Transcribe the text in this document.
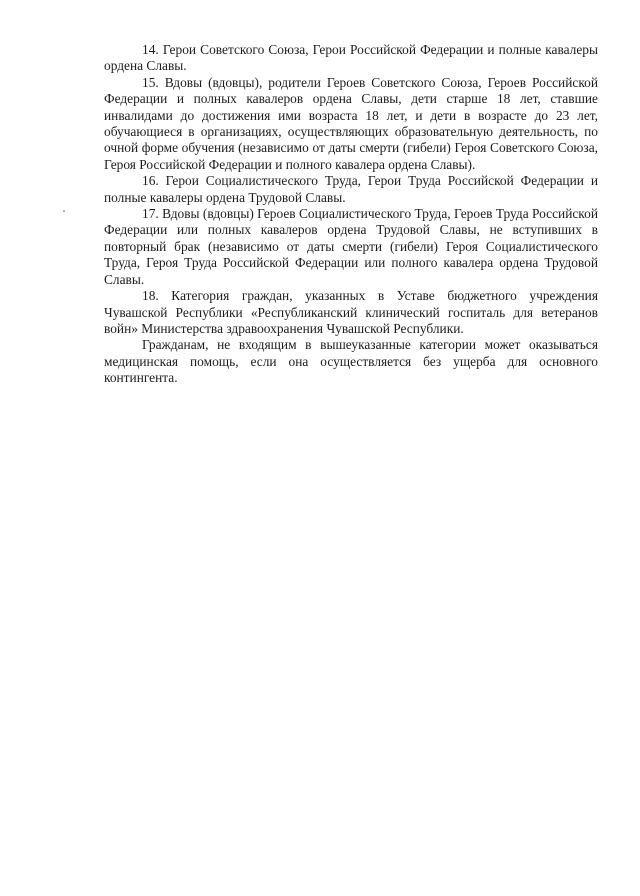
14. Герои Советского Союза, Герои Российской Федерации и полные кавалеры ордена Славы.

15. Вдовы (вдовцы), родители Героев Советского Союза, Героев Российской Федерации и полных кавалеров ордена Славы, дети старше 18 лет, ставшие инвалидами до достижения ими возраста 18 лет, и дети в возрасте до 23 лет, обучающиеся в организациях, осуществляющих образовательную деятельность, по очной форме обучения (независимо от даты смерти (гибели) Героя Советского Союза, Героя Российской Федерации и полного кавалера ордена Славы).

16. Герои Социалистического Труда, Герои Труда Российской Федерации и полные кавалеры ордена Трудовой Славы.

17. Вдовы (вдовцы) Героев Социалистического Труда, Героев Труда Российской Федерации или полных кавалеров ордена Трудовой Славы, не вступивших в повторный брак (независимо от даты смерти (гибели) Героя Социалистического Труда, Героя Труда Российской Федерации или полного кавалера ордена Трудовой Славы.

18. Категория граждан, указанных в Уставе бюджетного учреждения Чувашской Республики «Республиканский клинический госпиталь для ветеранов войн» Министерства здравоохранения Чувашской Республики.

Гражданам, не входящим в вышеуказанные категории может оказываться медицинская помощь, если она осуществляется без ущерба для основного контингента.
